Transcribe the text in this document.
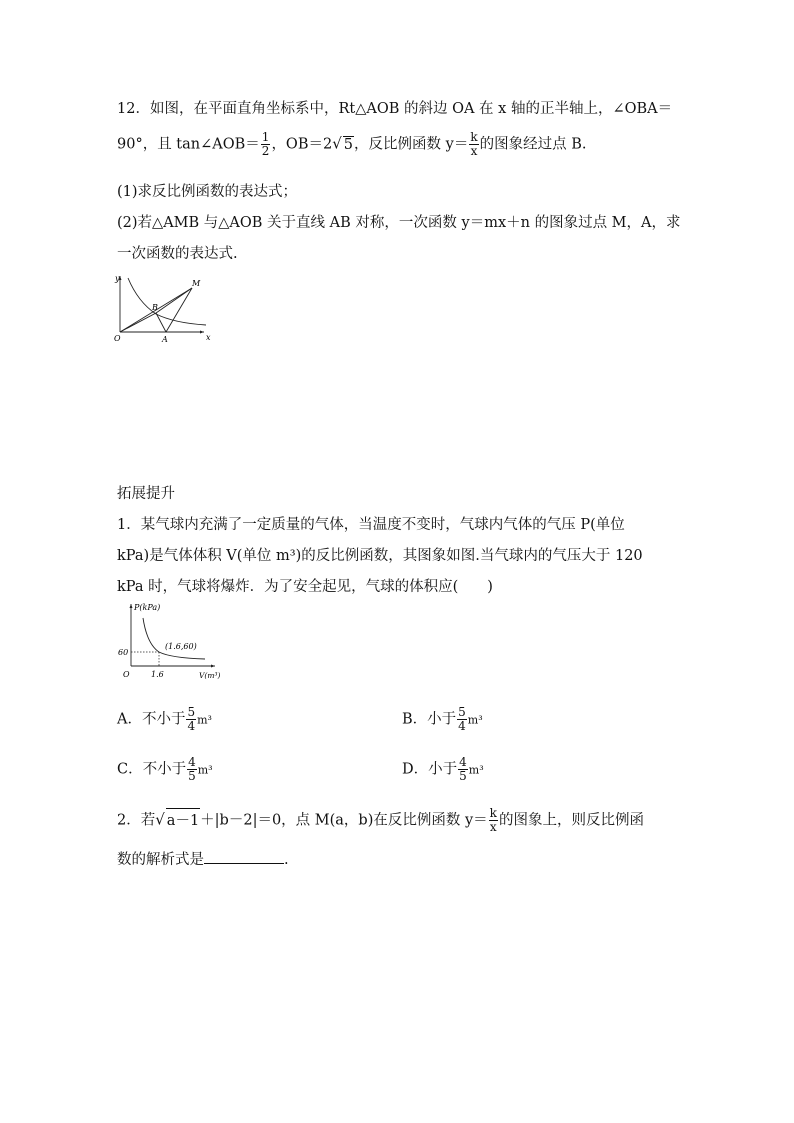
12．如图，在平面直角坐标系中，Rt△AOB 的斜边 OA 在 x 轴的正半轴上，∠OBA＝
90°，且 tan∠AOB＝ $\frac{1}{2}$ ，OB＝2√ 5，反比例函数 $y= \frac{k}{x}$ 的图象经过点 B.
(1)求反比例函数的表达式；
(2)若△AMB 与△AOB 关于直线 AB 对称，一次函数 y＝mx＋n 的图象过点 M，A，求
一次函数的表达式.
y
x
O	A
B
M
拓展提升
1．某气球内充满了一定质量的气体，当温度不变时，气球内气体的气压 P(单位
kPa)是气体体积 V(单位 m³)的反比例函数，其图象如图.当气球内的气压大于 120
kPa 时，气球将爆炸．为了安全起见，气球的体积应(　　)
P(kPa)
V(m³)
60
1.6
O
(1.6,60)
A．不小于 $\frac{5}{4} m^3$	B．小于 $\frac{5}{4} m^3$
C．不小于 $\frac{4}{5} m^3$	D．小于 $\frac{4}{5} m^3$
2．若√ a－1＋|b－2|＝0，点 M(a，b)在反比例函数 $y= \frac{k}{x}$ 的图象上，则反比例函
数的解析式是	.
